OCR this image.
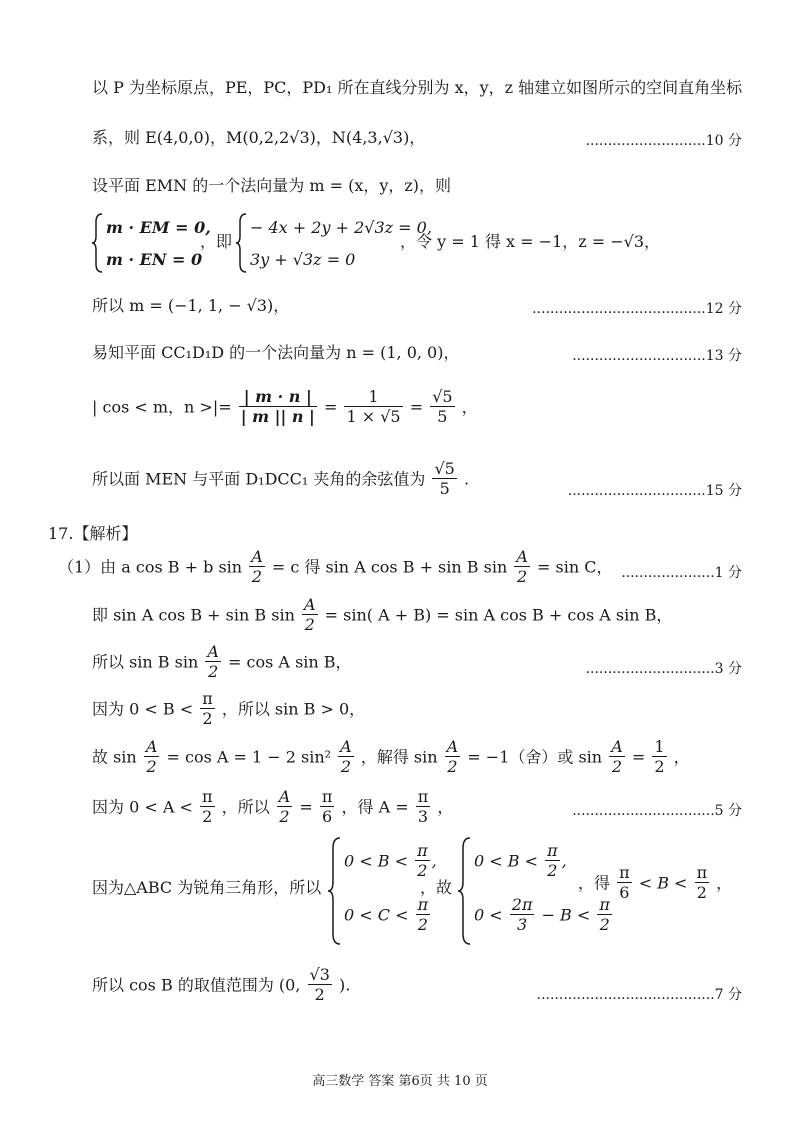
以 P 为坐标原点，PE，PC，PD₁ 所在直线分别为 x，y，z 轴建立如图所示的空间直角坐标
系，则 E(4,0,0)，M(0,2,2√3)，N(4,3,√3)，	...........................10 分
设平面 EMN 的一个法向量为 m = (x，y，z)，则
m · EM = 0,
m · EN = 0
，即
− 4x + 2y + 2√3z = 0,
3y + √3z = 0
，令 y = 1 得 x = −1，z = −√3，
所以 m = (−1, 1, − √3)，	.......................................12 分
易知平面 CC₁D₁D 的一个法向量为 n = (1, 0, 0)，	..............................13 分
| cos < m，n >|= $\frac{| m \cdot n |}{| m || n |} = \frac{1}{1 \times √5} = \frac{√5}{5}$ ，
所以面 MEN 与平面 D₁DCC₁ 夹角的余弦值为 $\frac{√5}{5}$ .
...............................15 分
17.【解析】
（1）由 a cos B + b $\sin \frac{A}{2} = c$ 得 sin A cos B + sin B $\sin \frac{A}{2} = \sin C$， .....................1 分
即 sin A cos B + sin B $\sin \frac{A}{2} = \sin$( A + B) = sin A cos B + cos A sin B，
所以 sin B $\sin \frac{A}{2} = \cos A$ sin B，	.............................3 分
因为 $0 < B < \frac{\pi}{2}$ ，所以 sin B > 0，
故 $\sin \frac{A}{2} = \cos A = 1 - 2$ $\sin^2 \frac{A}{2}$ ，解得 $\sin \frac{A}{2} = -1$（舍）或 $\sin \frac{A}{2} = \frac{1}{2}$ ，
因为 $0 < A < \frac{\pi}{2}$ ，所以 $\frac{A}{2} = \frac{\pi}{6}$ ，得 $A = \frac{\pi}{3}$ ，	................................5 分
因为△ABC 为锐角三角形，所以
$0 < B < \frac{\pi}{2}$ ,
$0 < C < \frac{\pi}{2}$
，故
$0 < B < \frac{\pi}{2}$ ,
$0 < \frac{2\pi}{3} - B < \frac{\pi}{2}$
，得 $\frac{\pi}{6} < B < \frac{\pi}{2}$ ，
所以 cos B 的取值范围为 (0, $\frac{√3}{2}$ ).
........................................7 分
高三数学 答案 第6页 共 10 页
